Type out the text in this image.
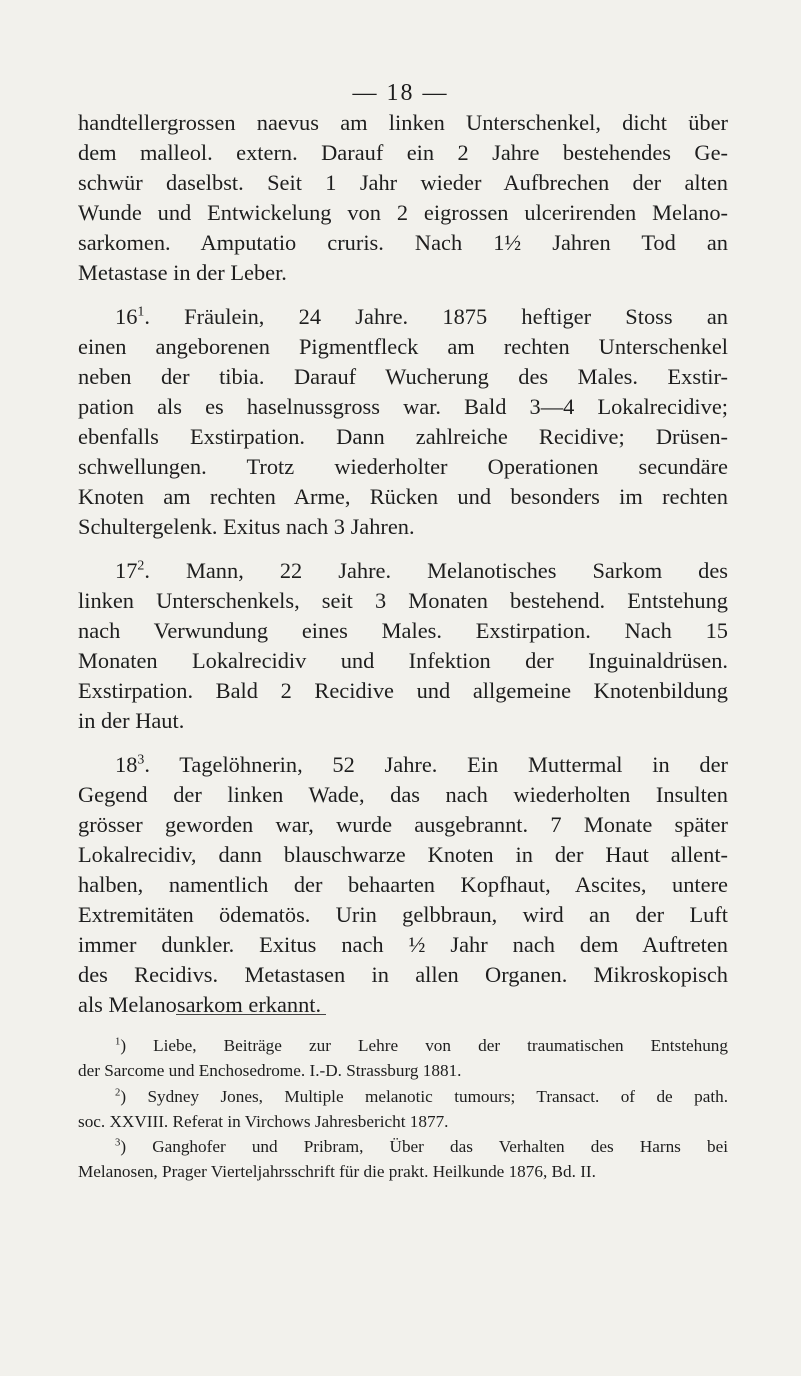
— 18 —
handtellergrossen naevus am linken Unterschenkel, dicht über
dem malleol. extern. Darauf ein 2 Jahre bestehendes Ge-
schwür daselbst. Seit 1 Jahr wieder Aufbrechen der alten
Wunde und Entwickelung von 2 eigrossen ulcerirenden Melano-
sarkomen. Amputatio cruris. Nach 1½ Jahren Tod an
Metastase in der Leber.
$16^1$. Fräulein, 24 Jahre. 1875 heftiger Stoss an
einen angeborenen Pigmentfleck am rechten Unterschenkel
neben der tibia. Darauf Wucherung des Males. Exstir-
pation als es haselnussgross war. Bald 3—4 Lokalrecidive;
ebenfalls Exstirpation. Dann zahlreiche Recidive; Drüsen-
schwellungen. Trotz wiederholter Operationen secundäre
Knoten am rechten Arme, Rücken und besonders im rechten
Schultergelenk. Exitus nach 3 Jahren.
$17^2$. Mann, 22 Jahre. Melanotisches Sarkom des
linken Unterschenkels, seit 3 Monaten bestehend. Entstehung
nach Verwundung eines Males. Exstirpation. Nach 15
Monaten Lokalrecidiv und Infektion der Inguinaldrüsen.
Exstirpation. Bald 2 Recidive und allgemeine Knotenbildung
in der Haut.
$18^3$. Tagelöhnerin, 52 Jahre. Ein Muttermal in der
Gegend der linken Wade, das nach wiederholten Insulten
grösser geworden war, wurde ausgebrannt. 7 Monate später
Lokalrecidiv, dann blauschwarze Knoten in der Haut allent-
halben, namentlich der behaarten Kopfhaut, Ascites, untere
Extremitäten ödematös. Urin gelbbraun, wird an der Luft
immer dunkler. Exitus nach ½ Jahr nach dem Auftreten
des Recidivs. Metastasen in allen Organen. Mikroskopisch
als Melanosarkom erkannt.
$^1$) Liebe, Beiträge zur Lehre von der traumatischen Entstehung
der Sarcome und Enchosedrome. I.-D. Strassburg 1881.
$^2$) Sydney Jones, Multiple melanotic tumours; Transact. of de path.
soc. XXVIII. Referat in Virchows Jahresbericht 1877.
$^3$) Ganghofer und Pribram, Über das Verhalten des Harns bei
Melanosen, Prager Vierteljahrsschrift für die prakt. Heilkunde 1876, Bd. II.
